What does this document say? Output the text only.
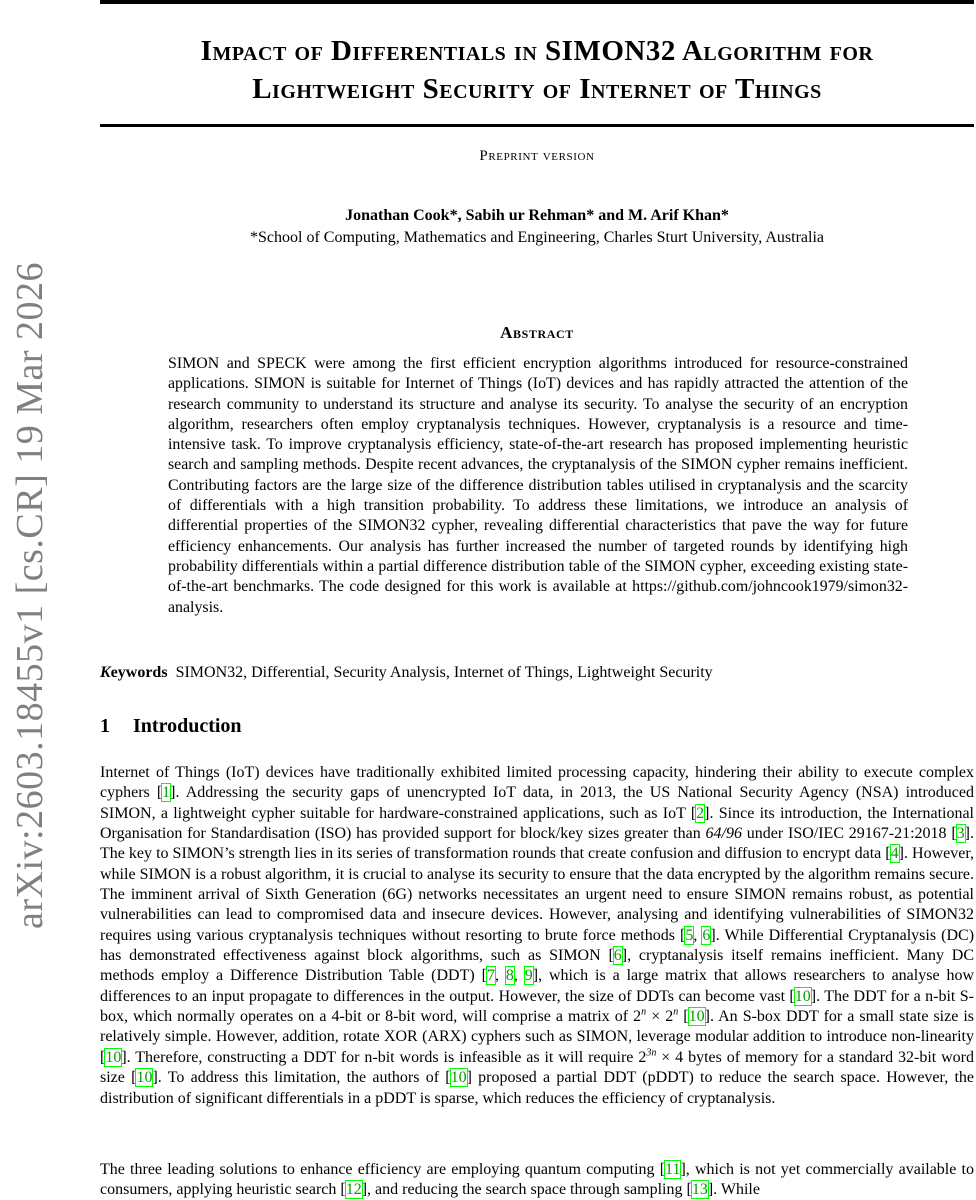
arXiv:2603.18455v1 [cs.CR] 19 Mar 2026
Impact of Differentials in SIMON32 Algorithm for
Lightweight Security of Internet of Things
Preprint version
Jonathan Cook*, Sabih ur Rehman* and M. Arif Khan*
*School of Computing, Mathematics and Engineering, Charles Sturt University, Australia
Abstract

SIMON and SPECK were among the first efficient encryption algorithms introduced for resource-constrained applications. SIMON is suitable for Internet of Things (IoT) devices and has rapidly attracted the attention of the research community to understand its structure and analyse its security. To analyse the security of an encryption algorithm, researchers often employ cryptanalysis techniques. However, cryptanalysis is a resource and time-intensive task. To improve cryptanalysis efficiency, state-of-the-art research has proposed implementing heuristic search and sampling methods. Despite recent advances, the cryptanalysis of the SIMON cypher remains inefficient. Contributing factors are the large size of the difference distribution tables utilised in cryptanalysis and the scarcity of differentials with a high transition probability. To address these limitations, we introduce an analysis of differential properties of the SIMON32 cypher, revealing differential characteristics that pave the way for future efficiency enhancements. Our analysis has further increased the number of targeted rounds by identifying high probability differentials within a partial difference distribution table of the SIMON cypher, exceeding existing state-of-the-art benchmarks. The code designed for this work is available at https://github.com/johncook1979/simon32-analysis.

Keywords SIMON32, Differential, Security Analysis, Internet of Things, Lightweight Security
1 Introduction

Internet of Things (IoT) devices have traditionally exhibited limited processing capacity, hindering their ability to execute complex cyphers [1]. Addressing the security gaps of unencrypted IoT data, in 2013, the US National Security Agency (NSA) introduced SIMON, a lightweight cypher suitable for hardware-constrained applications, such as IoT [2]. Since its introduction, the International Organisation for Standardisation (ISO) has provided support for block/key sizes greater than 64/96 under ISO/IEC 29167-21:2018 [3]. The key to SIMON’s strength lies in its series of transformation rounds that create confusion and diffusion to encrypt data [4]. However, while SIMON is a robust algorithm, it is crucial to analyse its security to ensure that the data encrypted by the algorithm remains secure. The imminent arrival of Sixth Generation (6G) networks necessitates an urgent need to ensure SIMON remains robust, as potential vulnerabilities can lead to compromised data and insecure devices. However, analysing and identifying vulnerabilities of SIMON32 requires using various cryptanalysis techniques without resorting to brute force methods [5, 6]. While Differential Cryptanalysis (DC) has demonstrated effectiveness against block algorithms, such as SIMON [6], cryptanalysis itself remains inefficient. Many DC methods employ a Difference Distribution Table (DDT) [7, 8, 9], which is a large matrix that allows researchers to analyse how differences to an input propagate to differences in the output. However, the size of DDTs can become vast [10]. The DDT for a n-bit S-box, which normally operates on a 4-bit or 8-bit word, will comprise a matrix of $2^n \times 2^n$ [10]. An S-box DDT for a small state size is relatively simple. However, addition, rotate XOR (ARX) cyphers such as SIMON, leverage modular addition to introduce non-linearity [10]. Therefore, constructing a DDT for n-bit words is infeasible as it will require $2^{3n} \times 4$ bytes of memory for a standard 32-bit word size [10]. To address this limitation, the authors of [10] proposed a partial DDT (pDDT) to reduce the search space. However, the distribution of significant differentials in a pDDT is sparse, which reduces the efficiency of cryptanalysis.

The three leading solutions to enhance efficiency are employing quantum computing [11], which is not yet commercially available to consumers, applying heuristic search [12], and reducing the search space through sampling [13]. While
